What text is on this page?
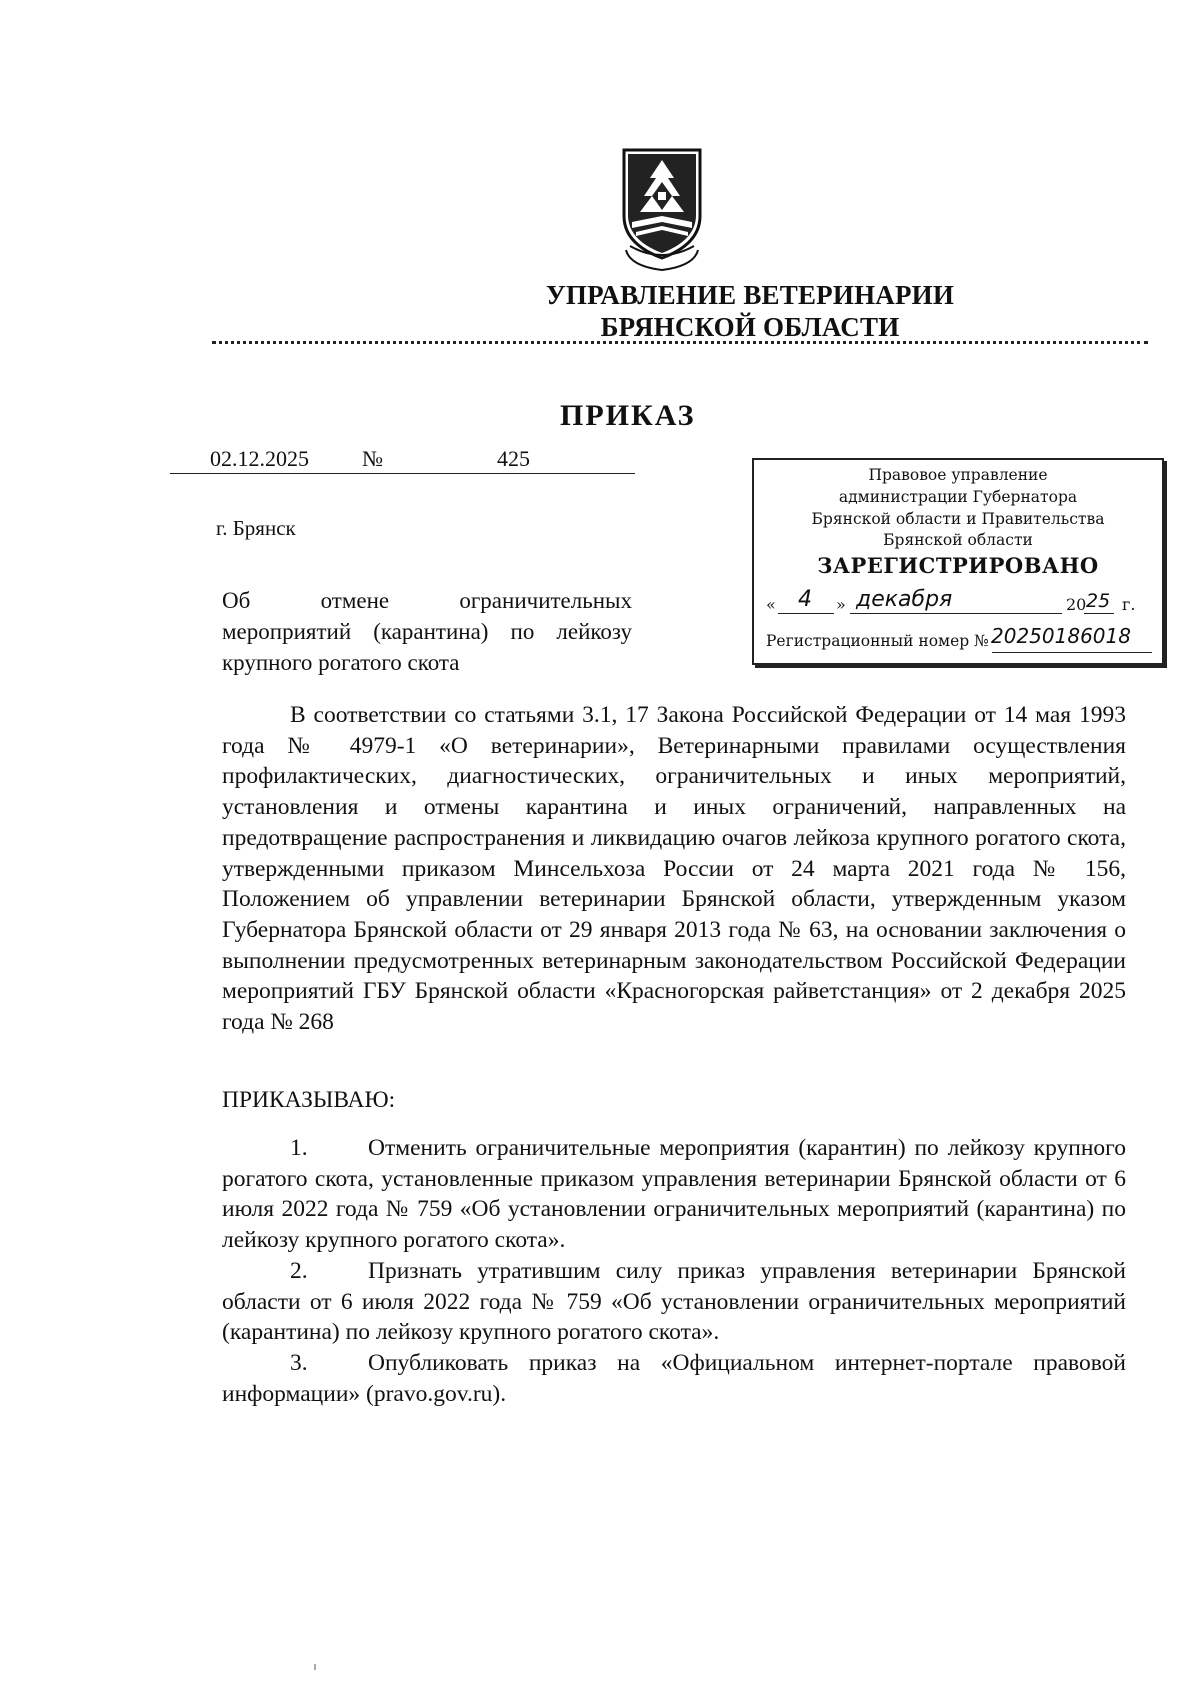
УПРАВЛЕНИЕ ВЕТЕРИНАРИИ
БРЯНСКОЙ ОБЛАСТИ
ПРИКАЗ
02.12.2025 №	425
г. Брянск
Об отмене ограничительных мероприятий (карантина) по лейкозу крупного рогатого скота
Правовое управление
администрации Губернатора
Брянской области и Правительства
Брянской области
ЗАРЕГИСТРИРОВАНО
« 4 » декабря	20 25 г.
Регистрационный номер № 20250186018
В соответствии со статьями 3.1, 17 Закона Российской Федерации от 14 мая 1993 года № 4979-1 «О ветеринарии», Ветеринарными правилами осуществления профилактических, диагностических, ограничительных и иных мероприятий, установления и отмены карантина и иных ограничений, направленных на предотвращение распространения и ликвидацию очагов лейкоза крупного рогатого скота, утвержденными приказом Минсельхоза России от 24 марта 2021 года № 156, Положением об управлении ветеринарии Брянской области, утвержденным указом Губернатора Брянской области от 29 января 2013 года № 63, на основании заключения о выполнении предусмотренных ветеринарным законодательством Российской Федерации мероприятий ГБУ Брянской области «Красногорская райветстанция» от 2 декабря 2025 года № 268
ПРИКАЗЫВАЮ:

1.	Отменить ограничительные мероприятия (карантин) по лейкозу крупного рогатого скота, установленные приказом управления ветеринарии Брянской области от 6 июля 2022 года № 759 «Об установлении ограничительных мероприятий (карантина) по лейкозу крупного рогатого скота».

2.	Признать утратившим силу приказ управления ветеринарии Брянской области от 6 июля 2022 года № 759 «Об установлении ограничительных мероприятий (карантина) по лейкозу крупного рогатого скота».

3.	Опубликовать приказ на «Официальном интернет-портале правовой информации» (pravo.gov.ru).
